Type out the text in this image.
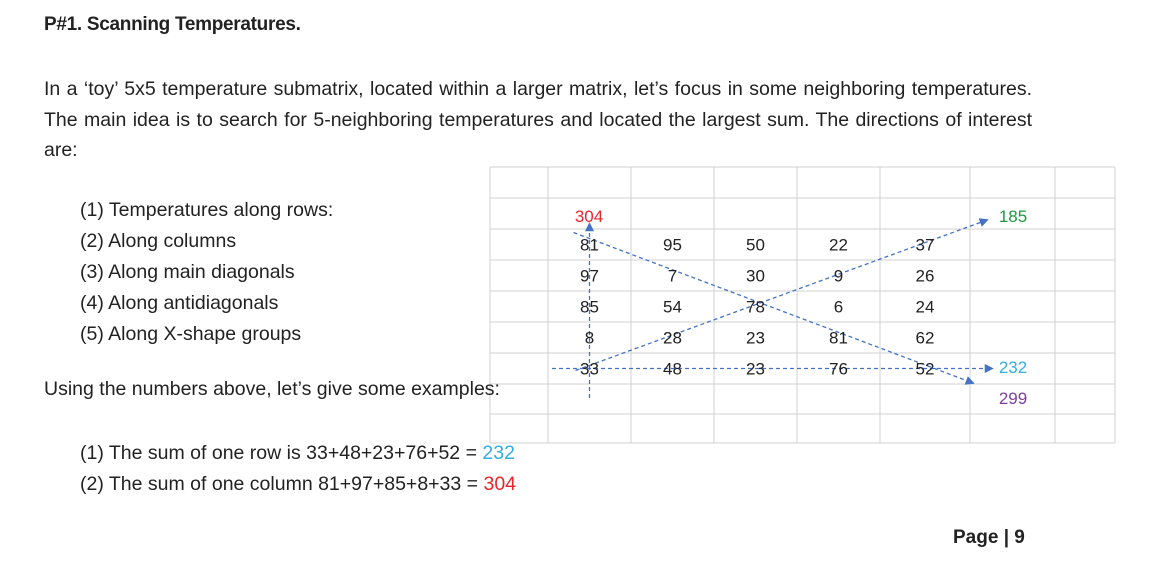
P#1. Scanning Temperatures.
In a ‘toy’ 5x5 temperature submatrix, located within a larger matrix, let’s focus in some neighboring temperatures. The main idea is to search for 5-neighboring temperatures and located the largest sum. The directions of interest are:
(1) Temperatures along rows:
(2) Along columns
(3) Along main diagonals
(4) Along antidiagonals
(5) Along X-shape groups
81	95	50	22	37
97	7	30	9	26
85	54	78	6	24
8	28	23	81	62
33	48	23	76	52
304	185
232
299
Using the numbers above, let’s give some examples:
(1) The sum of one row is 33+48+23+76+52 = 232
(2) The sum of one column 81+97+85+8+33 = 304
Page | 9
